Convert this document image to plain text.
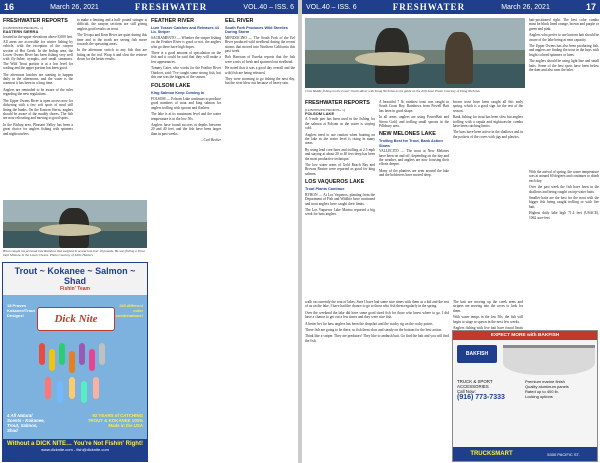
16	March 26, 2021	FRESHWATER	VOL.40 – ISS. 6
FRESHWATER REPORTS
(CONTINUED FROM PG. 1)
EASTERN SIERRA

located in the upper elevations above 8,000 feet. All areas are accessible for winter fishing by vehicle, with the exception of the canyon section of Hot Creek. In the bishop area, the Lower Owens River has been fishing very well with fly-fisher, nymphs, and small streamers. The Wild Trout portion is at a low level for wading and the upper portion has been good.

The afternoon hatches are starting to happen daily in the afternoons, and the water is the warmest it has been in a long time.

Anglers are reminded to be aware of the rules regarding the new regulations.

The Upper Owens River is open access now for dickering with a few soft spots of mud still lining the banks. On the Eastern Sierra, anglers should be aware of the muddy shores. The fish are now relocating and moving to good spots.

In the Bishop area, Pleasant Valley has been a great choice for anglers fishing with spinners and nightcrawlers.

Brian caught his personal best Rainbow that weighed in at and lost over 10 pounds. He was fishing a Trout Dart Minnow in the Lower Owens. Photo Courtesy of Little Hunters

to make a limiting and a half- pound stringer is difficult, the canyon sections are still giving anglers good results on trout.

The Tecopa and Kern River are quiet during this time and to the north are seeing fish move towards the spawning areas.

In the afternoon switch to any fish that are biting on the rod. Wrap it and slow the retrieve down for the better results.

FEATHER RIVER
Lure Tosser Catches and Releases 44 Lb. Striper

SACRAMENTO — Whether the striper fishing on the Feather River is good or not, the anglers who go there have high hopes.

There is a good amount of speculation on the fish and it could be said that they will make a few appearances.

Tommy Cater, who works for the Feather River Outdoor, said: 'I've caught some strong fish, but this one was the biggest of the season.'

FOLSOM LAKE
King Salmon Keep Coming In

FOLSOM — Folsom Lake continues to produce good numbers of trout and king salmon for anglers trolling with spoons and flashers.

The lake is at its maximum level and the water temperature is in the low 50s.

Anglers have found success at depths between 20 and 40 feet, and the fish have been larger than in past weeks.

– Carl Becker
EEL RIVER
South Fork Produces Wild Steelies During Storm

MENDOCINO — The South Fork of the Eel River produced wild steelhead during the recent storms that moved into Northern California this past week.

Bob Harrison of Eureka reports that the fish were a mix of fresh and spawned out steelhead.

He noted that it was a good day overall and the wild fish are being released.

They were storming to go fishing the next day, but the river blew out because of heavy rain.

Trout ~ Kokanee ~ Salmon ~ Shad
Fishin' Team
18 Proven Kokanee/Trout Designs!	Dick Nite
240 different color combinations!
4 All Natural Scents - Kokanee, Trout, Salmon, Shad
92 YEARS of CATCHING TROUT & KOKANEE 100% Made in the USA
Without a DICK NITE… You're Not Fishin' Right!
www.dicknite.com - fish@dicknite.com
VOL.40 – ISS. 6	FRESHWATER	March 26, 2021	17
Chris Riddle fishing on the Lower Owens River with Doug Nicholas as his guide on the drift boat. Photo Courtesy of Doug Nicholas

bait-positioned right. The best color combo must be black lined orange, brown and purple or green and pink.

Anglers who prefer to use bottom bait should be aware of the lake being at near capacity.

The Upper Owens has also been producing fish, and anglers are finding the trout in the bays with bright colored spinners or lures.

The anglers should be using light line and small baits. Some of the best spots have been below the dam and also near the inlet.

FRESHWATER REPORTS
(CONTINUED FROM PG. 1)
FOLSOM LAKE

A 5-mile pier has been used in the fishing for the salmon at Folsom as the water is staying cold.

Anglers need to use caution when boating on the lake as the water level is rising in many areas.

By using lead core lines and trolling at 2.5 mph and staying at about 20 to 40 feet deep has been the most productive technique.

The low water areas of Gold Beach Bay and Browns Ravine were reported as good for king salmon.

LOS VAQUEROS LAKE
Trout Plants Continue

BYRON — At Los Vaqueros, planting from the Department of Fish and Wildlife have continued and trout anglers have caught their limits.

The Los Vaqueros Lake Marina reported a big week for bass anglers.

A beautiful 7 lb. rainbow trout was caught in South Coast Bay. Rainbows from Powell Bait has been in good shape.

In all areas, anglers are using PowerBait and Sierra Gold, and trolling small spoons in the Pillsbury area.

NEW MELONES LAKE
Trolling Best for Trout, Bank Action Slows

VALLECITO — The trout at New Melones have been on and off, depending on the day and the weather, and anglers are now focusing their efforts deeper.

Many of the planters are seen around the lake and the holdovers have moved deep.

brown trout have been caught all this early spring, which is a good sign for the rest of the season.

Bank fishing for trout has been slow but anglers trolling with a rapala and nightcrawler combo have been catching limits.

The bass have been active in the shallows and in the pockets of the coves with jigs and plastics.

With the arrival of spring, the water temperature was at around 60 degrees and continues to climb each day.

Over the past week the fish have been in the shallows and being caught on top-water baits.

Smaller baits are the best for the trout with the bigger fish being caught trolling or with live bait.

Highest daily lake high 71.4 feet (USACE), 1062 acre-feet.

walk on currently the seat of lakes, Sure I have had some nice times with them as a kid and the rest of us on the lake, I have had the chance to go to those who fish them regularly in the spring.

Over the weekend the lake did have some good sized fish for those who knew where to go. I did have a chance to get out a few times and they were nice fish.

A better bet for bass anglers has been the dropshot and the wacky rig on the rocky points.

These fish are going to be there, so fish them slow and steady on the bottom for the best action.

Think like a striper. They are predators! They like to ambush bait. Go find the bait and you will find the fish.

The bait are moving up the creek arms and stripers are moving into the coves to look for them.

With water temps in the low 50s, the fish will begin to stage to spawn in the next few weeks.

Anglers fishing with live bait have found limits

EXPECT MORE with BAKFISH
BAKFISH
TRUCK & SPORT ACCESSORIES
Call Now:
(916) 773-7333
Premium marine finish
Quality aluminum panels
Rated up to 400 lb.
Locking options
TRUCKSMART	5300 PACIFIC ST.
